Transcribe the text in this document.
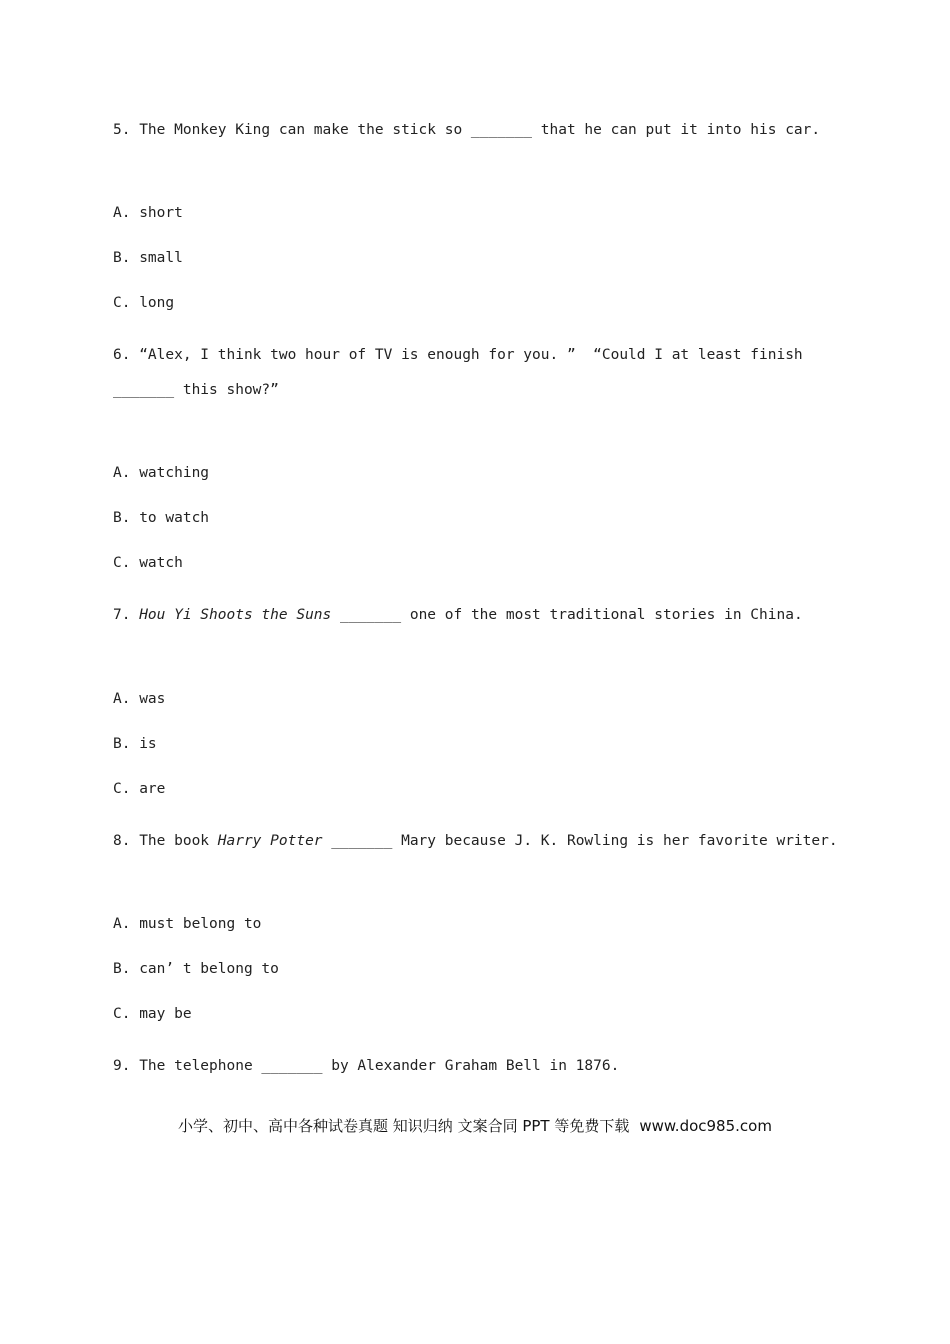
5. The Monkey King can make the stick so _______ that he can put it into his car.
A. short
B. small
C. long
6. “Alex, I think two hour of TV is enough for you. ”  “Could I at least finish
_______ this show?”
A. watching
B. to watch
C. watch
7. Hou Yi Shoots the Suns _______ one of the most traditional stories in China.
A. was
B. is
C. are
8. The book Harry Potter _______ Mary because J. K. Rowling is her favorite writer.
A. must belong to
B. can’ t belong to
C. may be
9. The telephone _______ by Alexander Graham Bell in 1876.
小学、初中、高中各种试卷真题 知识归纳 文案合同 PPT 等免费下载 www.doc985.com
